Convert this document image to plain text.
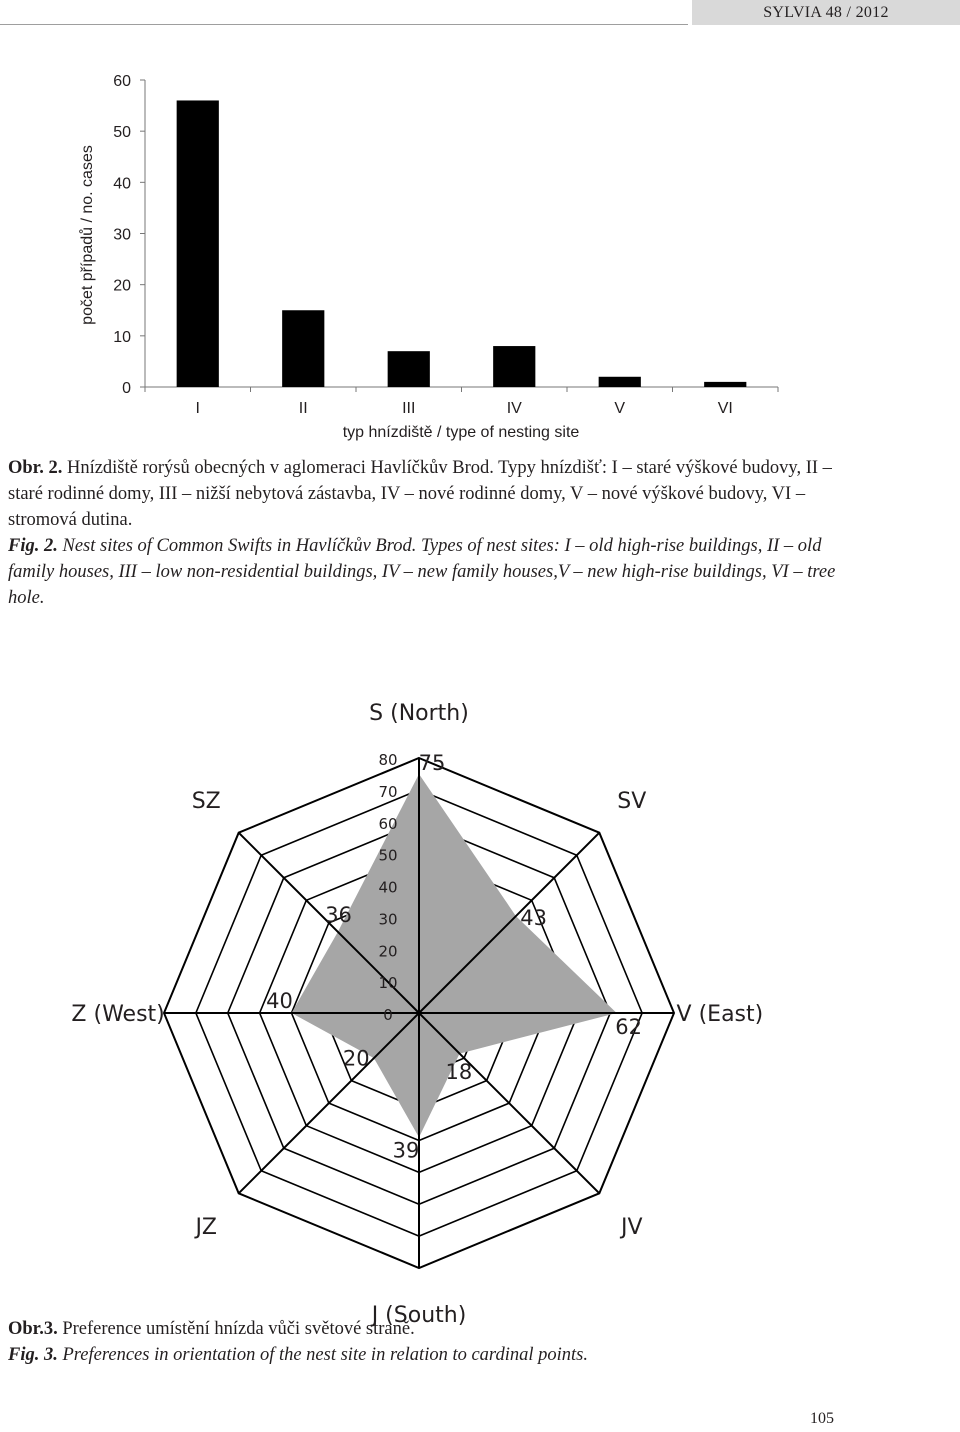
SYLVIA 48 / 2012
0
10
20
30
40
50
60
I	II	III	IV	V	VI
typ hnízdiště / type of nesting site
počet případů / no. cases
Obr. 2. Hnízdiště rorýsů obecných v aglomeraci Havlíčkův Brod. Typy hnízdišť: I – staré výškové budovy, II – staré rodinné domy, III – nižší nebytová zástavba, IV – nové rodinné domy, V – nové výškové budovy, VI – stromová dutina.
Fig. 2. Nest sites of Common Swifts in Havlíčkův Brod. Types of nest sites: I – old high-rise buildings, II – old family houses, III – low non-residential buildings, IV – new family houses,V – new high-rise buildings, VI – tree hole.
0
10
20
30
40
50
60
70
80
S (North)
SV
V (East)
JV
J (South)
JZ
Z (West)
SZ
75
43
62
18
39
20
40
36
Obr.3. Preference umístění hnízda vůči světové straně.
Fig. 3. Preferences in orientation of the nest site in relation to cardinal points.
105
